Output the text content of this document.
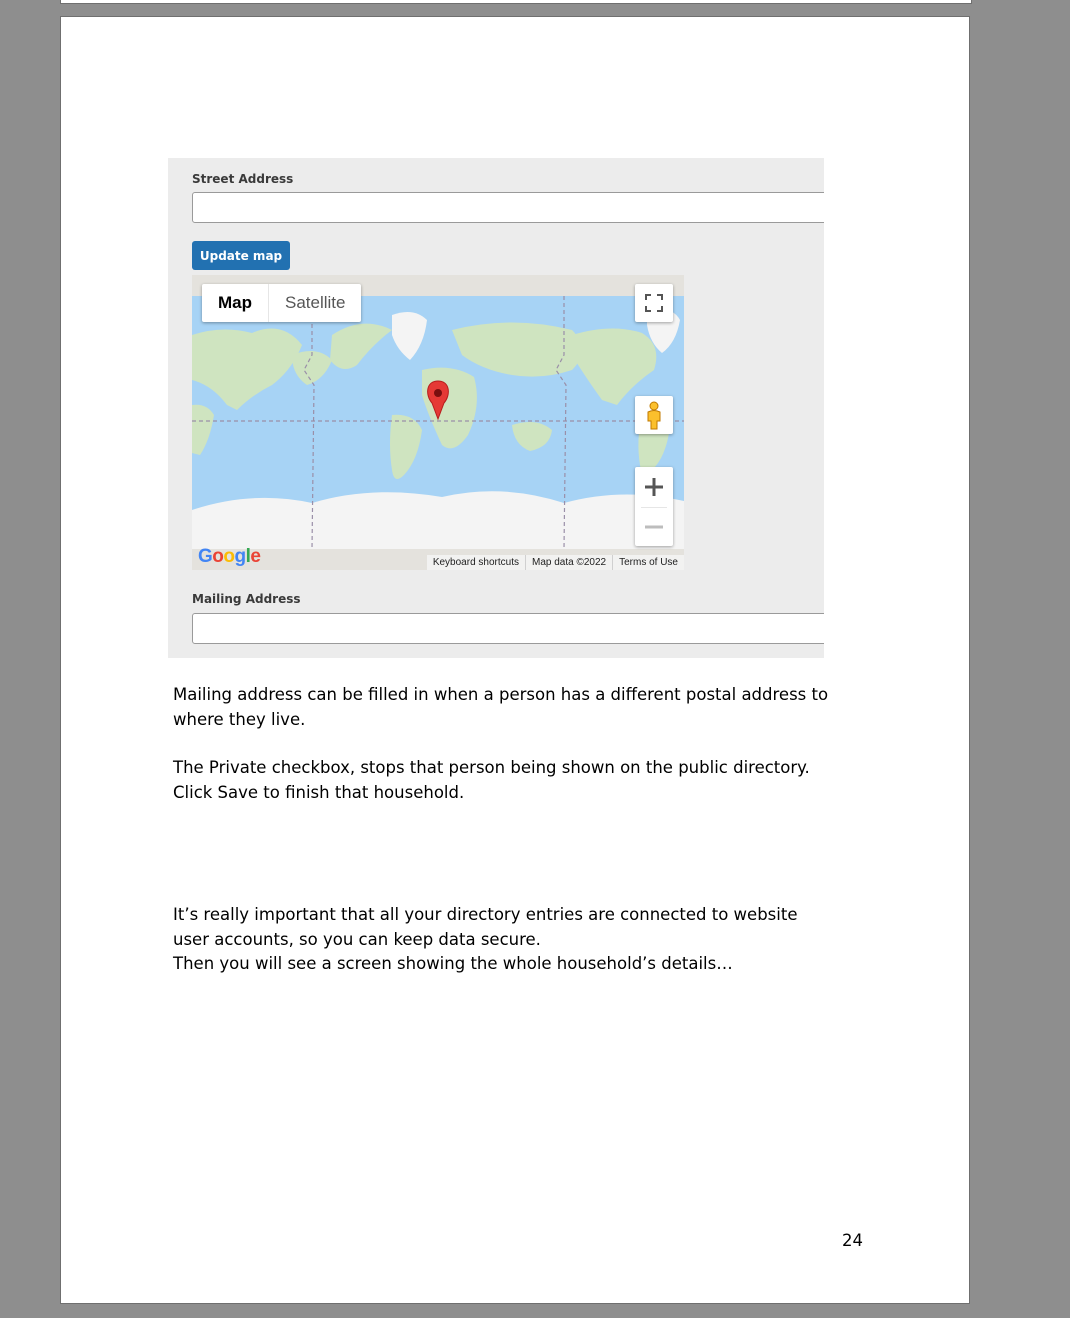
Street Address
Update map
Map	Satellite
Google	Keyboard shortcuts	Map data ©2022	Terms of Use
Mailing Address

Mailing address can be filled in when a person has a different postal address to where they live.

The Private checkbox, stops that person being shown on the public directory.

Click Save to finish that household.

It’s really important that all your directory entries are connected to website user accounts, so you can keep data secure.

Then you will see a screen showing the whole household’s details…

24
